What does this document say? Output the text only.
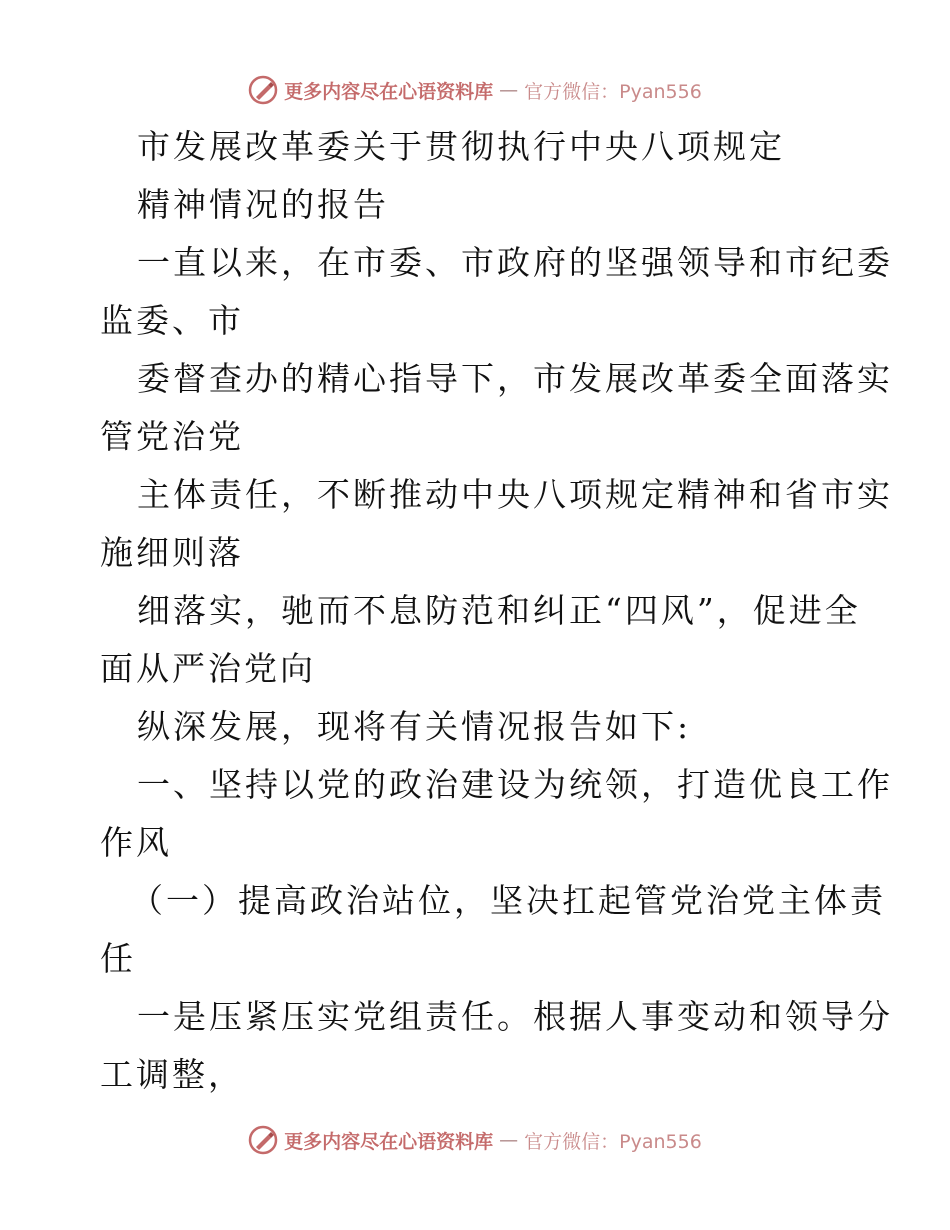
更多内容尽在心语资料库 — 官方微信：Pyan556
市发展改革委关于贯彻执行中央八项规定
精神情况的报告
一直以来，在市委、市政府的坚强领导和市纪委
监委、市
委督查办的精心指导下，市发展改革委全面落实
管党治党
主体责任，不断推动中央八项规定精神和省市实
施细则落
细落实，驰而不息防范和纠正“四风”，促进全
面从严治党向
纵深发展，现将有关情况报告如下:
一、坚持以党的政治建设为统领，打造优良工作
作风
（一）提高政治站位，坚决扛起管党治党主体责
任
一是压紧压实党组责任。根据人事变动和领导分
工调整，
更多内容尽在心语资料库 — 官方微信：Pyan556
